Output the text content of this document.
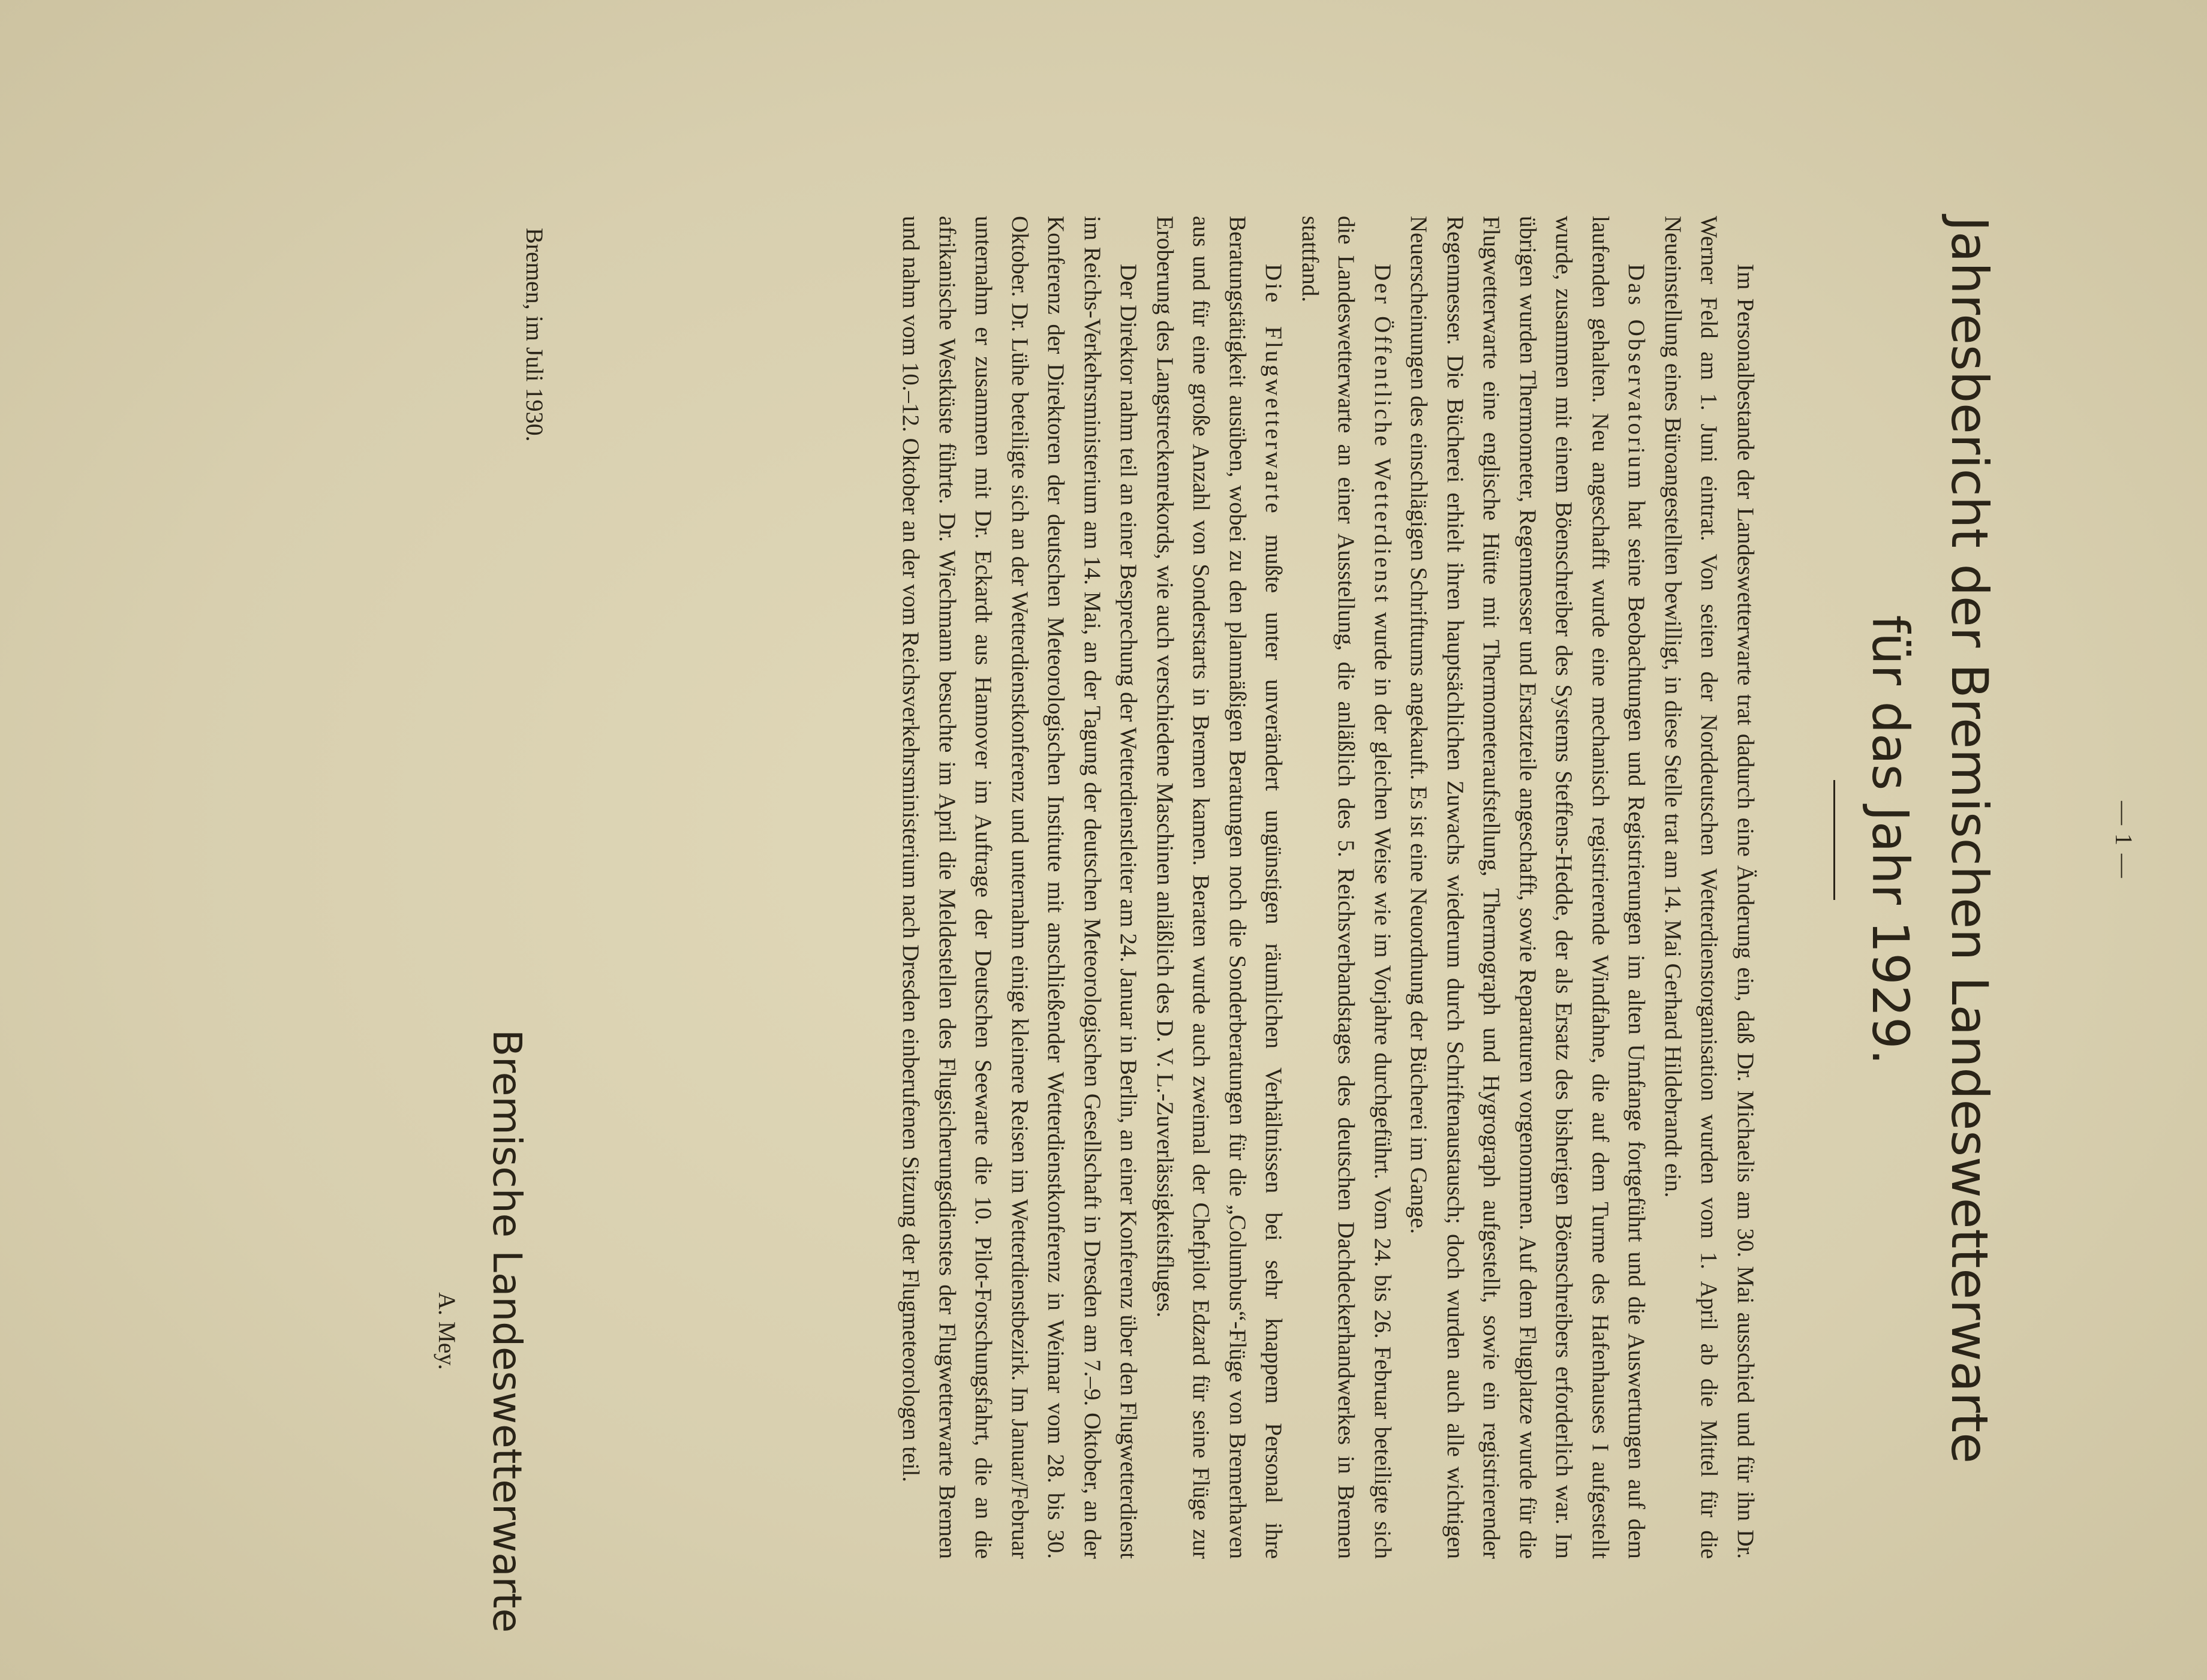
— 1 —
Jahresbericht der Bremischen Landeswetterwarte
für das Jahr 1929.

Im Personalbestande der Landeswetterwarte trat dadurch eine Änderung ein, daß Dr. Michaelis am 30. Mai ausschied und für ihn Dr. Werner Feld am 1. Juni eintrat. Von seiten der Norddeutschen Wetterdienstorganisation wurden vom 1. April ab die Mittel für die Neueinstellung eines Büroangestellten bewilligt, in diese Stelle trat am 14. Mai Gerhard Hildebrandt ein.

Das Observatorium hat seine Beobachtungen und Registrierungen im alten Umfange fortgeführt und die Auswertungen auf dem laufenden gehalten. Neu angeschafft wurde eine mechanisch registrierende Windfahne, die auf dem Turme des Hafenhauses I aufgestellt wurde, zusammen mit einem Böenschreiber des Systems Steffens-Hedde, der als Ersatz des bisherigen Böenschreibers erforderlich war. Im übrigen wurden Thermometer, Regenmesser und Ersatzteile angeschafft, sowie Reparaturen vorgenommen. Auf dem Flugplatze wurde für die Flugwetterwarte eine englische Hütte mit Thermometeraufstellung, Thermograph und Hygrograph aufgestellt, sowie ein registrierender Regenmesser. Die Bücherei erhielt ihren hauptsächlichen Zuwachs wiederum durch Schriftenaustausch; doch wurden auch alle wichtigen Neuerscheinungen des einschlägigen Schrifttums angekauft. Es ist eine Neuordnung der Bücherei im Gange.

Der Öffentliche Wetterdienst wurde in der gleichen Weise wie im Vorjahre durchgeführt. Vom 24. bis 26. Februar beteiligte sich die Landeswetterwarte an einer Ausstellung, die anläßlich des 5. Reichsverbandstages des deutschen Dachdeckerhandwerkes in Bremen stattfand.

Die Flugwetterwarte mußte unter unverändert ungünstigen räumlichen Verhältnissen bei sehr knappem Personal ihre Beratungstätigkeit ausüben, wobei zu den planmäßigen Beratungen noch die Sonderberatungen für die „Columbus“-Flüge von Bremerhaven aus und für eine große Anzahl von Sonderstarts in Bremen kamen. Beraten wurde auch zweimal der Chefpilot Edzard für seine Flüge zur Eroberung des Langstreckenrekords, wie auch verschiedene Maschinen anläßlich des D. V. L.-Zuverlässigkeitsfluges.

Der Direktor nahm teil an einer Besprechung der Wetterdienstleiter am 24. Januar in Berlin, an einer Konferenz über den Flugwetterdienst im Reichs-Verkehrsministerium am 14. Mai, an der Tagung der deutschen Meteorologischen Gesellschaft in Dresden am 7.–9. Oktober, an der Konferenz der Direktoren der deutschen Meteorologischen Institute mit anschließender Wetterdienstkonferenz in Weimar vom 28. bis 30. Oktober. Dr. Lühe beteiligte sich an der Wetterdienstkonferenz und unternahm einige kleinere Reisen im Wetterdienstbezirk. Im Januar/Februar unternahm er zusammen mit Dr. Eckardt aus Hannover im Auftrage der Deutschen Seewarte die 10. Pilot-Forschungsfahrt, die an die afrikanische Westküste führte. Dr. Wiechmann besuchte im April die Meldestellen des Flugsicherungsdienstes der Flugwetterwarte Bremen und nahm vom 10.–12. Oktober an der vom Reichsverkehrsministerium nach Dresden einberufenen Sitzung der Flugmeteorologen teil.

Bremen, im Juli 1930.
Bremische Landeswetterwarte
A. Mey.
